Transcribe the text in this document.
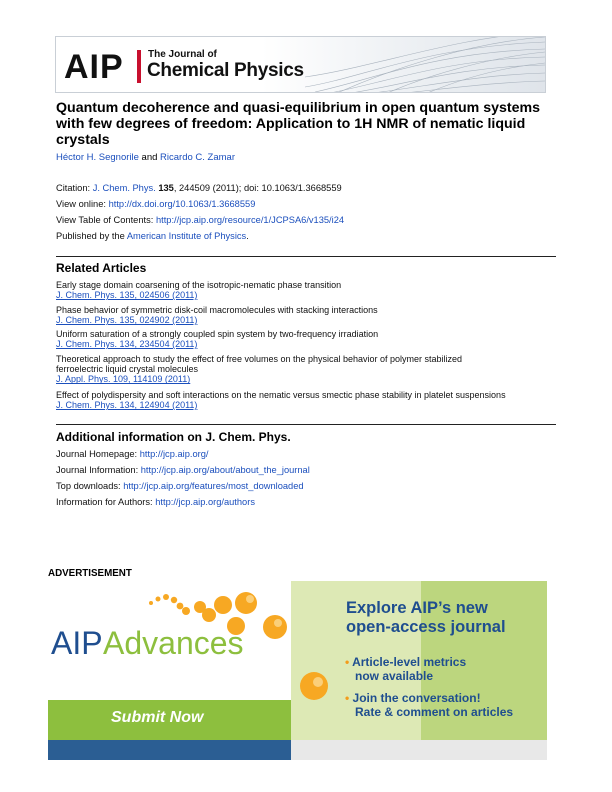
AIP The Journal of
Chemical Physics
Quantum decoherence and quasi-equilibrium in open quantum systems with few degrees of freedom: Application to 1H NMR of nematic liquid crystals
Héctor H. Segnorile and Ricardo C. Zamar
Citation: J. Chem. Phys. 135, 244509 (2011); doi: 10.1063/1.3668559
View online: http://dx.doi.org/10.1063/1.3668559
View Table of Contents: http://jcp.aip.org/resource/1/JCPSA6/v135/i24
Published by the American Institute of Physics.
Related Articles
Early stage domain coarsening of the isotropic-nematic phase transition
J. Chem. Phys. 135, 024506 (2011)
Phase behavior of symmetric disk-coil macromolecules with stacking interactions
J. Chem. Phys. 135, 024902 (2011)
Uniform saturation of a strongly coupled spin system by two-frequency irradiation
J. Chem. Phys. 134, 234504 (2011)
Theoretical approach to study the effect of free volumes on the physical behavior of polymer stabilized ferroelectric liquid crystal molecules
J. Appl. Phys. 109, 114109 (2011)
Effect of polydispersity and soft interactions on the nematic versus smectic phase stability in platelet suspensions
J. Chem. Phys. 134, 124904 (2011)
Additional information on J. Chem. Phys.
Journal Homepage: http://jcp.aip.org/
Journal Information: http://jcp.aip.org/about/about_the_journal
Top downloads: http://jcp.aip.org/features/most_downloaded
Information for Authors: http://jcp.aip.org/authors
ADVERTISEMENT
AIP Advances
Submit Now
Explore AIP’s new
open-access journal
• Article-level metrics
now available
• Join the conversation!
Rate & comment on articles
